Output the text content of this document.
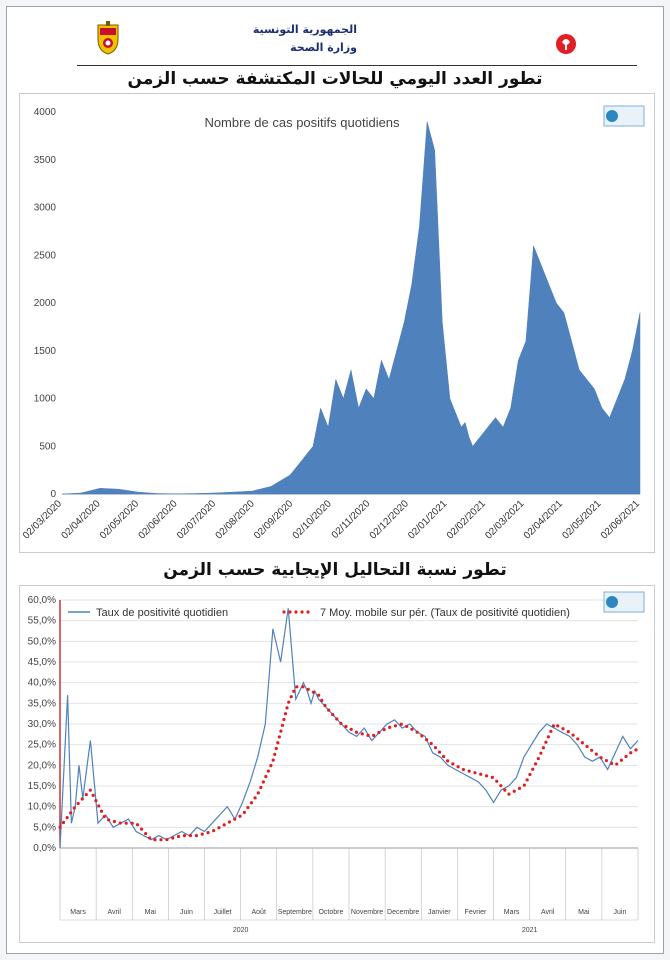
الجمهورية التونسية
وزارة الصحة
تطور العدد اليومي للحالات المكتشفة حسب الزمن
0
500
1000
1500
2000
2500
3000
3500
4000
Nombre de cas positifs quotidiens
02/03/2020
02/04/2020
02/05/2020
02/06/2020
02/07/2020
02/08/2020
02/09/2020
02/10/2020
02/11/2020
02/12/2020
02/01/2021
02/02/2021
02/03/2021
02/04/2021
02/05/2021
02/06/2021
تطور نسبة التحاليل الإيجابية حسب الزمن
0,0%
5,0%
10,0%
15,0%
20,0%
25,0%
30,0%
35,0%
40,0%
45,0%
50,0%
55,0%
60,0%
Taux de positivité quotidien	7 Moy. mobile sur pér. (Taux de positivité quotidien)
Mars	Avril	Mai	Juin	Juillet	Août Septembre Octobre Novembre Decembre Janvier Fevrier Mars	Avril	Mai	Juin
2020	2021
